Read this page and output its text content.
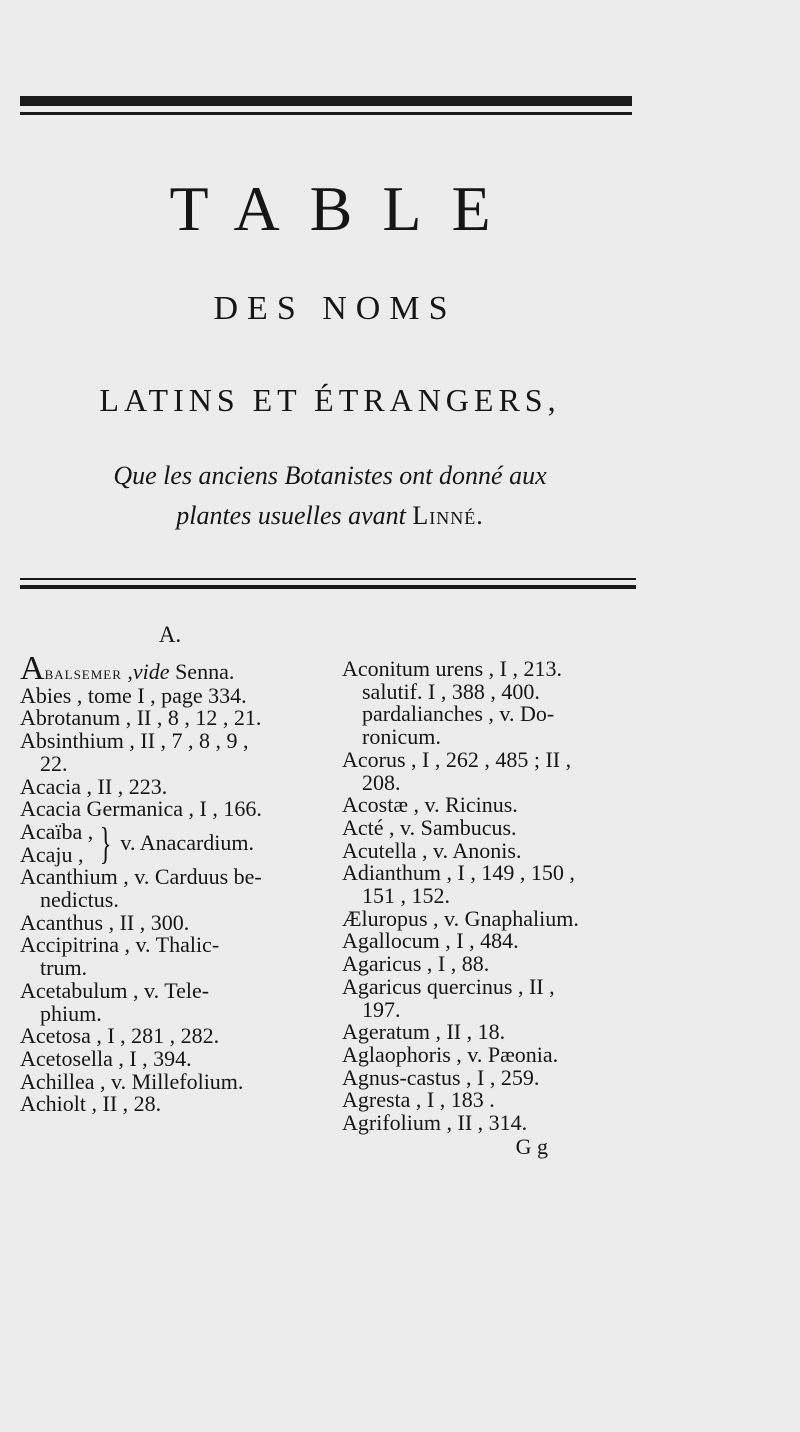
TABLE
DES NOMS
LATINS ET ÉTRANGERS,
Que les anciens Botanistes ont donné aux
plantes usuelles avant Linné.
A.
Abalsemer ,vide Senna.
Abies , tome I , page 334.
Abrotanum , II , 8 , 12 , 21.
Absinthium , II , 7 , 8 , 9 ,
22.
Acacia , II , 223.
Acacia Germanica , I , 166.
Acaïba ,
Acaju , } v. Anacardium.
Acanthium , v. Carduus be-
nedictus.
Acanthus , II , 300.
Accipitrina , v. Thalic-
trum.
Acetabulum , v. Tele-
phium.
Acetosa , I , 281 , 282.
Acetosella , I , 394.
Achillea , v. Millefolium.
Achiolt , II , 28.
Aconitum urens , I , 213.
salutif. I , 388 , 400.
pardalianches , v. Do-
ronicum.
Acorus , I , 262 , 485 ; II ,
208.
Acostæ , v. Ricinus.
Acté , v. Sambucus.
Acutella , v. Anonis.
Adianthum , I , 149 , 150 ,
151 , 152.
Æluropus , v. Gnaphalium.
Agallocum , I , 484.
Agaricus , I , 88.
Agaricus quercinus , II ,
197.
Ageratum , II , 18.
Aglaophoris , v. Pæonia.
Agnus-castus , I , 259.
Agresta , I , 183 .
Agrifolium , II , 314.
G g
